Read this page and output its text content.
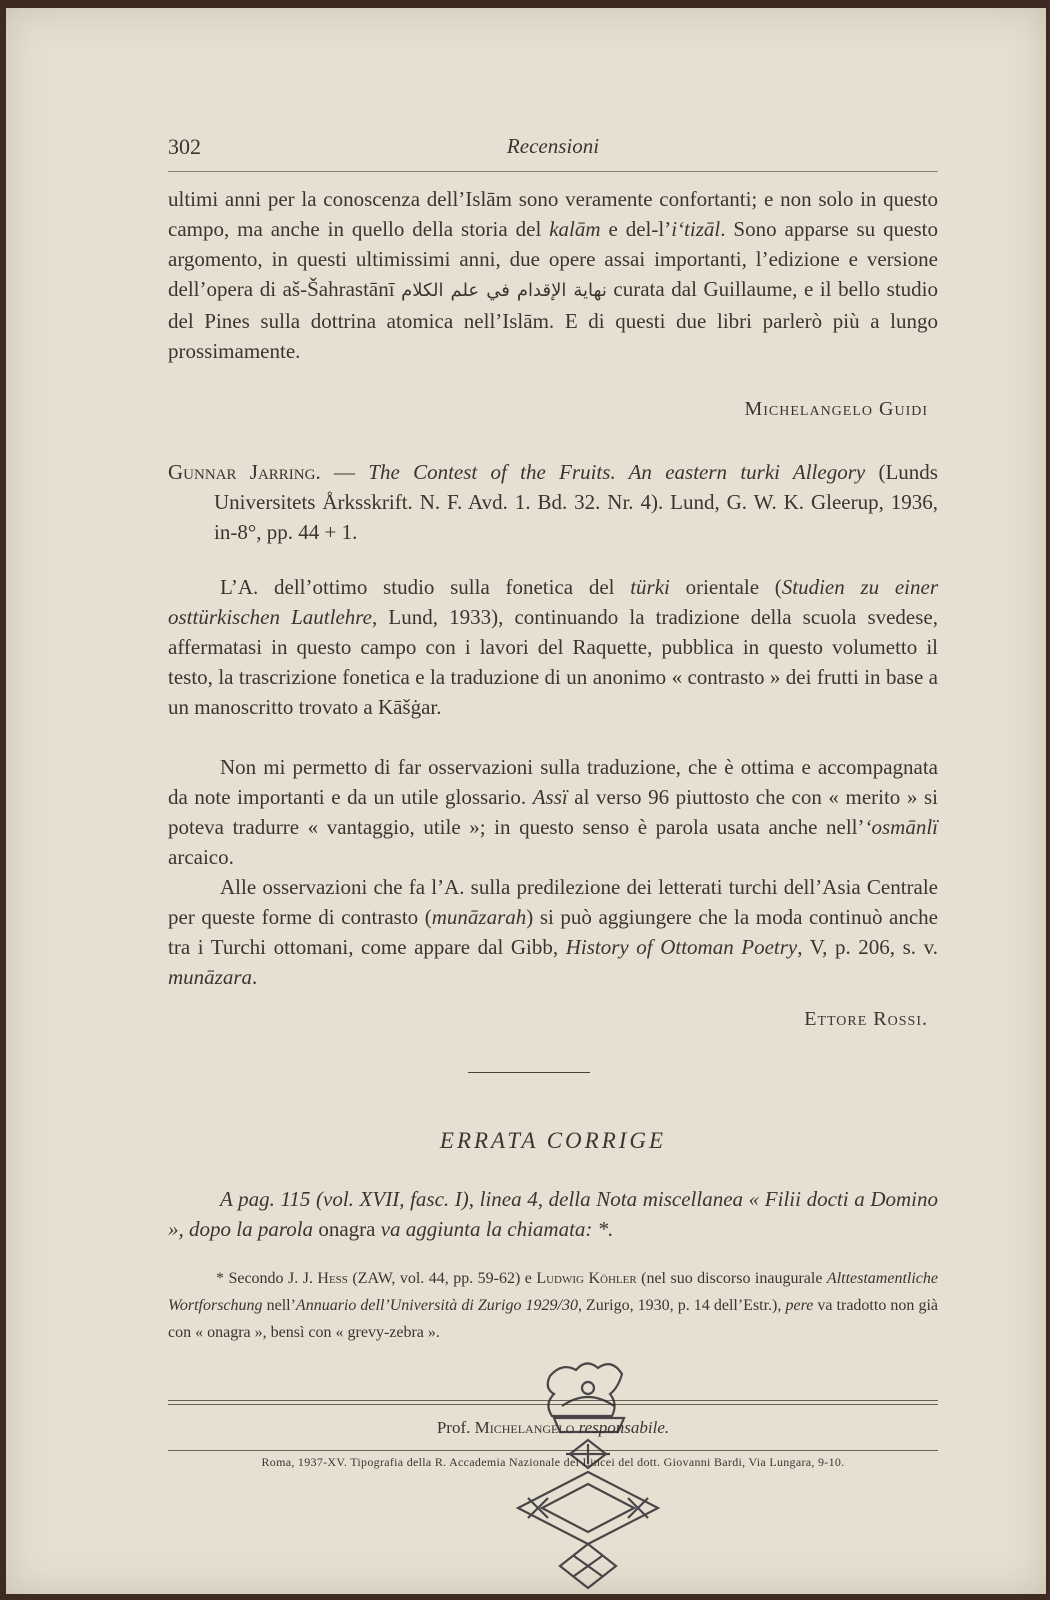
302	Recensioni
ultimi anni per la conoscenza dell’Islām sono veramente confortanti; e non solo in questo campo, ma anche in quello della storia del kalām e del-l’i‘tizāl. Sono apparse su questo argomento, in questi ultimissimi anni, due opere assai importanti, l’edizione e versione dell’opera di aš-Šahrastānī نهاية الإقدام في علم الكلام curata dal Guillaume, e il bello studio del Pines sulla dottrina atomica nell’Islām. E di questi due libri parlerò più a lungo prossimamente.
Michelangelo Guidi
Gunnar Jarring. — The Contest of the Fruits. An eastern turki Allegory (Lunds Universitets Årksskrift. N. F. Avd. 1. Bd. 32. Nr. 4). Lund, G. W. K. Gleerup, 1936, in-8°, pp. 44 + 1.
L’A. dell’ottimo studio sulla fonetica del türki orientale (Studien zu einer osttürkischen Lautlehre, Lund, 1933), continuando la tradizione della scuola svedese, affermatasi in questo campo con i lavori del Raquette, pubblica in questo volumetto il testo, la trascrizione fonetica e la traduzione di un anonimo « contrasto » dei frutti in base a un manoscritto trovato a Kāšġar.
Non mi permetto di far osservazioni sulla traduzione, che è ottima e accompagnata da note importanti e da un utile glossario. Assï al verso 96 piuttosto che con « merito » si poteva tradurre « vantaggio, utile »; in questo senso è parola usata anche nell’‘osmānlï arcaico.
Alle osservazioni che fa l’A. sulla predilezione dei letterati turchi dell’Asia Centrale per queste forme di contrasto (munāzarah) si può aggiungere che la moda continuò anche tra i Turchi ottomani, come appare dal Gibb, History of Ottoman Poetry, V, p. 206, s. v. munāzara.
Ettore Rossi.
ERRATA CORRIGE
A pag. 115 (vol. XVII, fasc. I), linea 4, della Nota miscellanea « Filii docti a Domino », dopo la parola onagra va aggiunta la chiamata: *.
* Secondo J. J. Hess (ZAW, vol. 44, pp. 59-62) e Ludwig Köhler (nel suo discorso inaugurale Alttestamentliche Wortforschung nell’Annuario dell’Università di Zurigo 1929/30, Zurigo, 1930, p. 14 dell’Estr.), pere va tradotto non già con « onagra », bensì con « grevy-zebra ».
Prof. Michelangelo responsabile.
Roma, 1937-XV. Tipografia della R. Accademia Nazionale dei Lincei del dott. Giovanni Bardi, Via Lungara, 9-10.
